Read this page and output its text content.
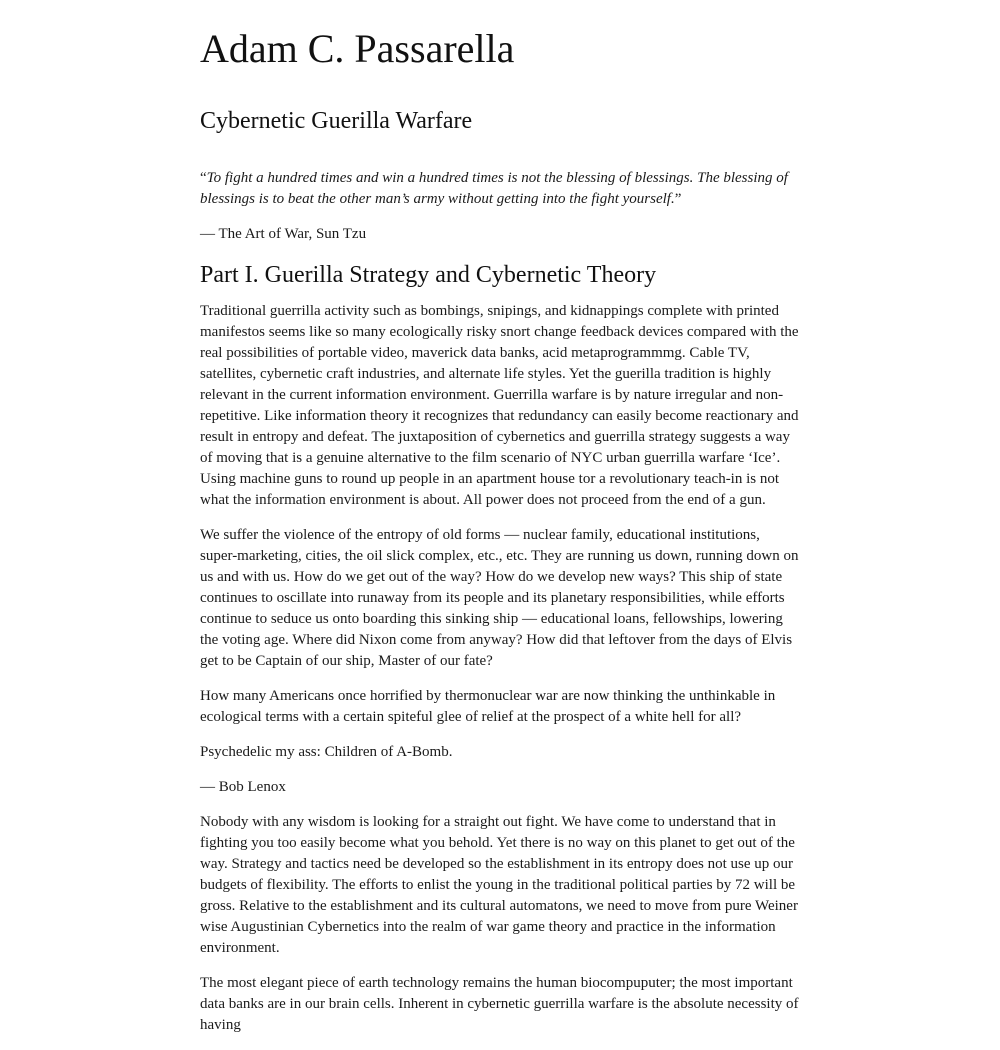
Adam C. Passarella
Cybernetic Guerilla Warfare

“To fight a hundred times and win a hundred times is not the blessing of blessings. The blessing of blessings is to beat the other man’s army without getting into the fight yourself.”

— The Art of War, Sun Tzu

Part I. Guerilla Strategy and Cybernetic Theory

Traditional guerrilla activity such as bombings, snipings, and kidnappings complete with printed manifestos seems like so many ecologically risky snort change feedback devices compared with the real possibilities of portable video, maverick data banks, acid metaprogrammmg. Cable TV, satellites, cybernetic craft industries, and alternate life styles. Yet the guerilla tradition is highly relevant in the current information environment. Guerrilla warfare is by nature irregular and non-repetitive. Like information theory it recognizes that redundancy can easily become reactionary and result in entropy and defeat. The juxtaposition of cybernetics and guerrilla strategy suggests a way of moving that is a genuine alternative to the film scenario of NYC urban guerrilla warfare ‘Ice’. Using machine guns to round up people in an apartment house tor a revolutionary teach-in is not what the information environment is about. All power does not proceed from the end of a gun.

We suffer the violence of the entropy of old forms — nuclear family, educational institutions, super-marketing, cities, the oil slick complex, etc., etc. They are running us down, running down on us and with us. How do we get out of the way? How do we develop new ways? This ship of state continues to oscillate into runaway from its people and its planetary responsibilities, while efforts continue to seduce us onto boarding this sinking ship — educational loans, fellowships, lowering the voting age. Where did Nixon come from anyway? How did that leftover from the days of Elvis get to be Captain of our ship, Master of our fate?

How many Americans once horrified by thermonuclear war are now thinking the unthinkable in ecological terms with a certain spiteful glee of relief at the prospect of a white hell for all?

Psychedelic my ass: Children of A-Bomb.

— Bob Lenox

Nobody with any wisdom is looking for a straight out fight. We have come to understand that in fighting you too easily become what you behold. Yet there is no way on this planet to get out of the way. Strategy and tactics need be developed so the establishment in its entropy does not use up our budgets of flexibility. The efforts to enlist the young in the traditional political parties by 72 will be gross. Relative to the establishment and its cultural automatons, we need to move from pure Weiner wise Augustinian Cybernetics into the realm of war game theory and practice in the information environment.

The most elegant piece of earth technology remains the human biocompuputer; the most important data banks are in our brain cells. Inherent in cybernetic guerrilla warfare is the absolute necessity of having
